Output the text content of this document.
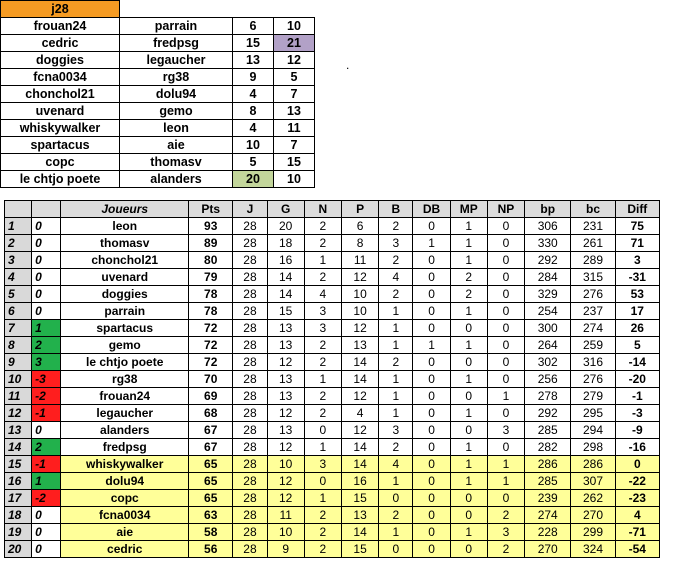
j28			
frouan24	parrain	6	10
cedric	fredpsg	15	21
doggies	legaucher	13	12
fcna0034	rg38	9	5
chonchol21	dolu94	4	7
uvenard	gemo	8	13
whiskywalker	leon	4	11
spartacus	aie	10	7
copc	thomasv	5	15
le chtjo poete	alanders	20	10
.
		Joueurs	Pts	J	G	N	P	B	DB	MP	NP	bp	bc	Diff
1	0	leon	93	28	20	2	6	2	0	1	0	306	231	75
2	0	thomasv	89	28	18	2	8	3	1	1	0	330	261	71
3	0	chonchol21	80	28	16	1	11	2	0	1	0	292	289	3
4	0	uvenard	79	28	14	2	12	4	0	2	0	284	315	-31
5	0	doggies	78	28	14	4	10	2	0	2	0	329	276	53
6	0	parrain	78	28	15	3	10	1	0	1	0	254	237	17
7	1	spartacus	72	28	13	3	12	1	0	0	0	300	274	26
8	2	gemo	72	28	13	2	13	1	1	1	0	264	259	5
9	3	le chtjo poete	72	28	12	2	14	2	0	0	0	302	316	-14
10	-3	rg38	70	28	13	1	14	1	0	1	0	256	276	-20
11	-2	frouan24	69	28	13	2	12	1	0	0	1	278	279	-1
12	-1	legaucher	68	28	12	2	4	1	0	1	0	292	295	-3
13	0	alanders	67	28	13	0	12	3	0	0	3	285	294	-9
14	2	fredpsg	67	28	12	1	14	2	0	1	0	282	298	-16
15	-1	whiskywalker	65	28	10	3	14	4	0	1	1	286	286	0
16	1	dolu94	65	28	12	0	16	1	0	1	1	285	307	-22
17	-2	copc	65	28	12	1	15	0	0	0	0	239	262	-23
18	0	fcna0034	63	28	11	2	13	2	0	0	2	274	270	4
19	0	aie	58	28	10	2	14	1	0	1	3	228	299	-71
20	0	cedric	56	28	9	2	15	0	0	0	2	270	324	-54
